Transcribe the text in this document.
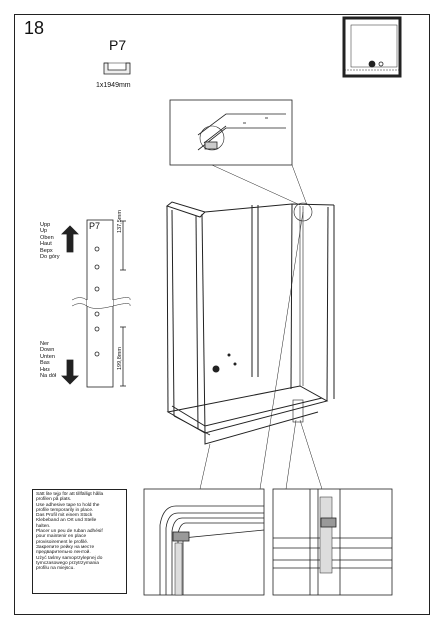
18
P7
1x1949mm
P7	137,5mm
199,8mm
Upp
Up
Oben
Haut
Верх
Do góry
Ner
Down
Unten
Bas
Низ
Na dół
Sätt lite tejp för att tillfälligt hålla
profilen på plats.
Use adhesive tape to hold the
profile temporarily in place.
Das Profil mit einem Stück
Klebeband an Ort und Stelle
halten.
Placer un peu de ruban adhésif
pour maintenir en place
provisoirement le profilé.
Закрепите рейку на месте
предварительно лентой.
Użyć taśmy samoprzylepnej do
tymczasowego przytrzymania
profilu na miejscu.
